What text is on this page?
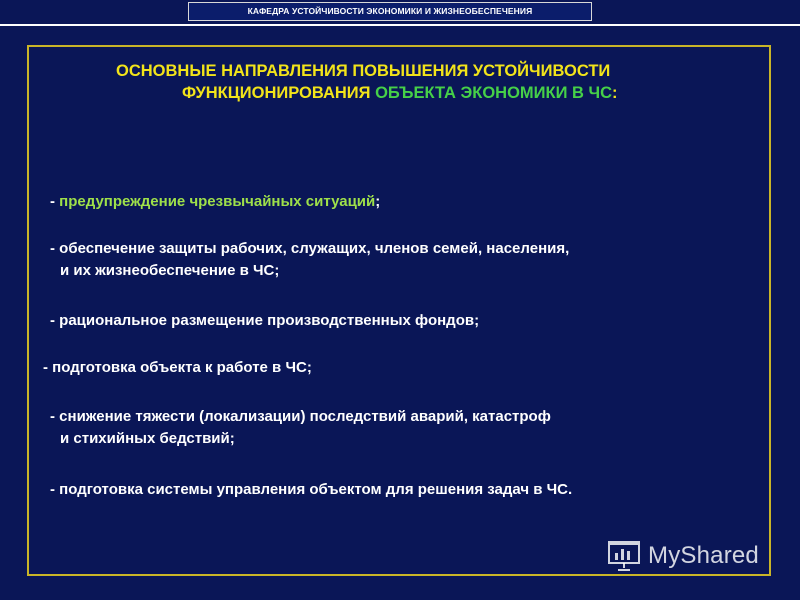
КАФЕДРА УСТОЙЧИВОСТИ ЭКОНОМИКИ И ЖИЗНЕОБЕСПЕЧЕНИЯ
ОСНОВНЫЕ НАПРАВЛЕНИЯ ПОВЫШЕНИЯ УСТОЙЧИВОСТИ
ФУНКЦИОНИРОВАНИЯ ОБЪЕКТА ЭКОНОМИКИ В ЧС:
- предупреждение чрезвычайных ситуаций;
- обеспечение защиты рабочих, служащих, членов семей, населения,
и их жизнеобеспечение в ЧС;
- рациональное размещение производственных фондов;
- подготовка объекта к работе в ЧС;
- снижение тяжести (локализации) последствий аварий, катастроф
и стихийных бедствий;
- подготовка системы управления объектом для решения задач в ЧС.
MyShared
